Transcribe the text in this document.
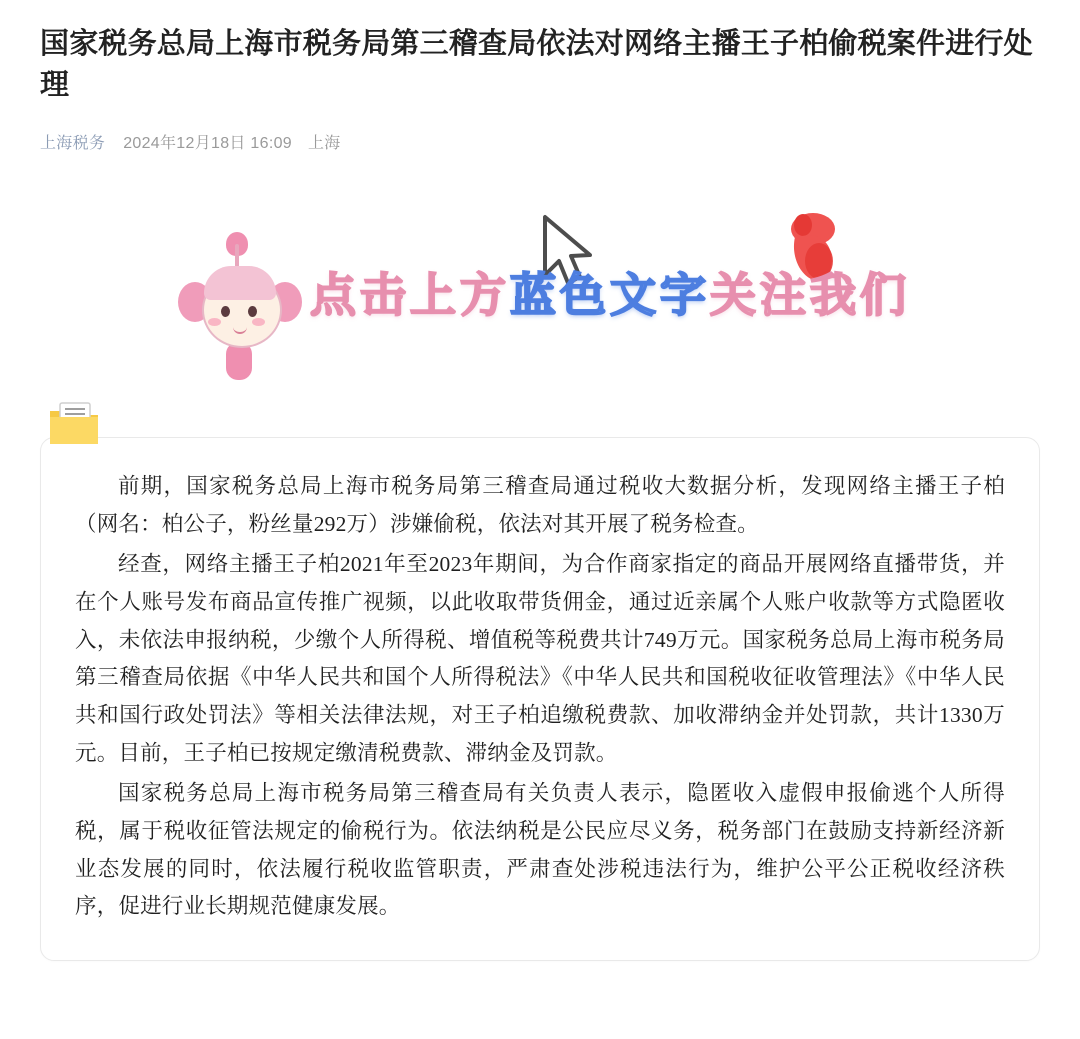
国家税务总局上海市税务局第三稽查局依法对网络主播王子柏偷税案件进行处理
上海税务 2024年12月18日 16:09 上海
点击上方蓝色文字关注我们

前期，国家税务总局上海市税务局第三稽查局通过税收大数据分析，发现网络主播王子柏（网名：柏公子，粉丝量292万）涉嫌偷税，依法对其开展了税务检查。

经查，网络主播王子柏2021年至2023年期间，为合作商家指定的商品开展网络直播带货，并在个人账号发布商品宣传推广视频，以此收取带货佣金，通过近亲属个人账户收款等方式隐匿收入，未依法申报纳税，少缴个人所得税、增值税等税费共计749万元。国家税务总局上海市税务局第三稽查局依据《中华人民共和国个人所得税法》《中华人民共和国税收征收管理法》《中华人民共和国行政处罚法》等相关法律法规，对王子柏追缴税费款、加收滞纳金并处罚款，共计1330万元。目前，王子柏已按规定缴清税费款、滞纳金及罚款。

国家税务总局上海市税务局第三稽查局有关负责人表示，隐匿收入虚假申报偷逃个人所得税，属于税收征管法规定的偷税行为。依法纳税是公民应尽义务，税务部门在鼓励支持新经济新业态发展的同时，依法履行税收监管职责，严肃查处涉税违法行为，维护公平公正税收经济秩序，促进行业长期规范健康发展。
